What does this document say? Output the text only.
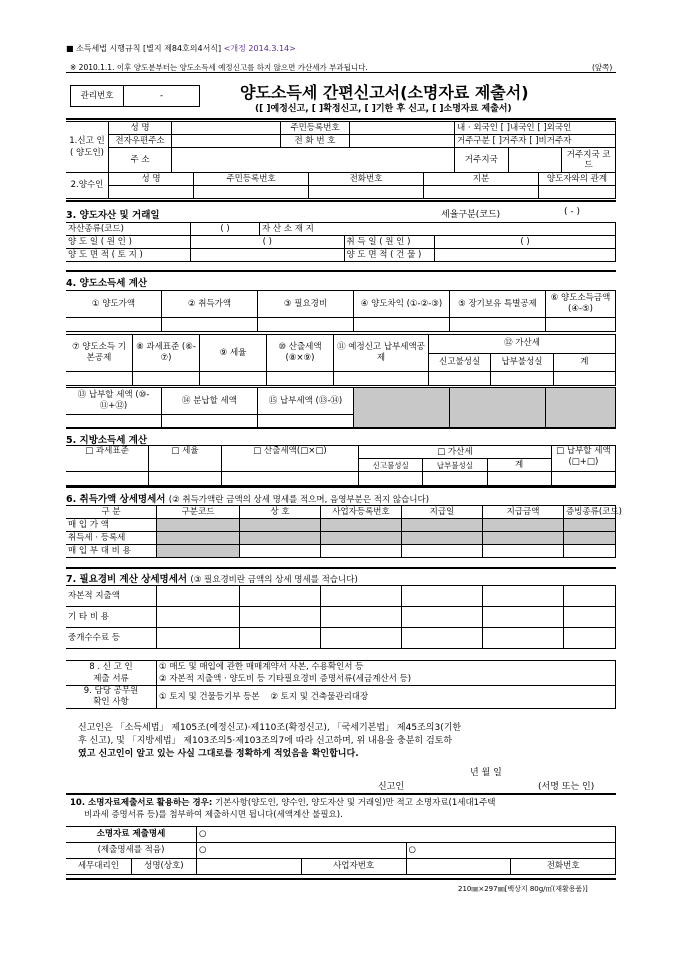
■ 소득세법 시행규칙 [별지 제84호의4서식] <개정 2014.3.14>
※ 2010.1.1. 이후 양도분부터는 양도소득세 예정신고를 하지 않으면 가산세가 부과됩니다.	(앞쪽)
관리번호	-	양도소득세 간편신고서(소명자료 제출서)
([ ]예정신고, [ ]확정신고, [ ]기한 후 신고, [ ]소명자료 제출서)
1.신고 인
( 양도인)	성 명		주민등록번호		내 · 외국인 [ ]내국인 [ ]외국인		
	전자우편주소		전 화 번 호		거주구분 [ ]거주자 [ ]비거주자		
	주 소				거주지국		거주지국 코드

2.양수인	성 명	주민등록번호	전화번호	지분	양도자와의 관계

3. 양도자산 및 거래일	세율구분(코드)	( - )
자산종류(코드)	( )	자 산 소 재 지		
양 도 일 ( 원 인 )	( )		취 득 일 ( 원 인 )	( )
양 도 면 적 ( 토 지 )			양 도 면 적 ( 건 물 )	
4. 양도소득세 계산
① 양도가액	② 취득가액	③ 필요경비	④ 양도차익 (①-②-③)	⑤ 장기보유 특별공제	⑥ 양도소득금액 (④-⑤)

⑦ 양도소득 기본공제	⑧ 과세표준 (⑥-⑦)	⑨ 세율	⑩ 산출세액 (⑧×⑨)	⑪ 예정신고 납부세액공제	⑫ 가산세		
					신고불성실	납부불성실	계

⑬ 납부할 세액 (⑩-⑪+⑫)	⑭ 분납할 세액	⑮ 납부세액 (⑬-⑭)			

5. 지방소득세 계산
□ 과세표준	□ 세율	□ 산출세액(□×□)	□ 가산세			□ 납부할 세액 (□+□)
			신고불성실	납부불성실	계	

6. 취득가액 상세명세서 (② 취득가액란 금액의 상세 명세를 적으며, 음영부분은 적지 않습니다)
구 분	구분코드	상 호	사업자등록번호	지급일	지급금액	증빙종류(코드)
매 입 가 액						
취득세 · 등록세						
매 입 부 대 비 용						
7. 필요경비 계산 상세명세서 (③ 필요경비란 금액의 상세 명세를 적습니다)
자본적 지출액						
기 타 비 용						
중개수수료 등						
8 . 신 고 인
제출 서류	① 매도 및 매입에 관한 매매계약서 사본, 수용확인서 등
	② 자본적 지출액 · 양도비 등 기타필요경비 증명서류(세금계산서 등)
9. 담당 공무원
확인 사항	① 토지 및 건물등기부 등본 ② 토지 및 건축물관리대장
신고인은 「소득세법」 제105조(예정신고)·제110조(확정신고), 「국세기본법」 제45조의3(기한
후 신고), 및 「지방세법」 제103조의5·제103조의7에 따라 신고하며, 위 내용을 충분히 검토하
였고 신고인이 알고 있는 사실 그대로를 정확하게 적었음을 확인합니다.
년 월 일
신고인	(서명 또는 인)
10. 소명자료제출서로 활용하는 경우: 기본사항(양도인, 양수인, 양도자산 및 거래일)만 적고 소명자료(1세대1주택
비과세 증명서류 등)를 첨부하여 제출하시면 됩니다(세액계산 불필요).
소명자료 제출명세		○			
(제출명세를 적음)		○		○	
세무대리인	성명(상호)		사업자번호		전화번호
210㎜×297㎜[백상지 80g/㎡(재활용품)]
